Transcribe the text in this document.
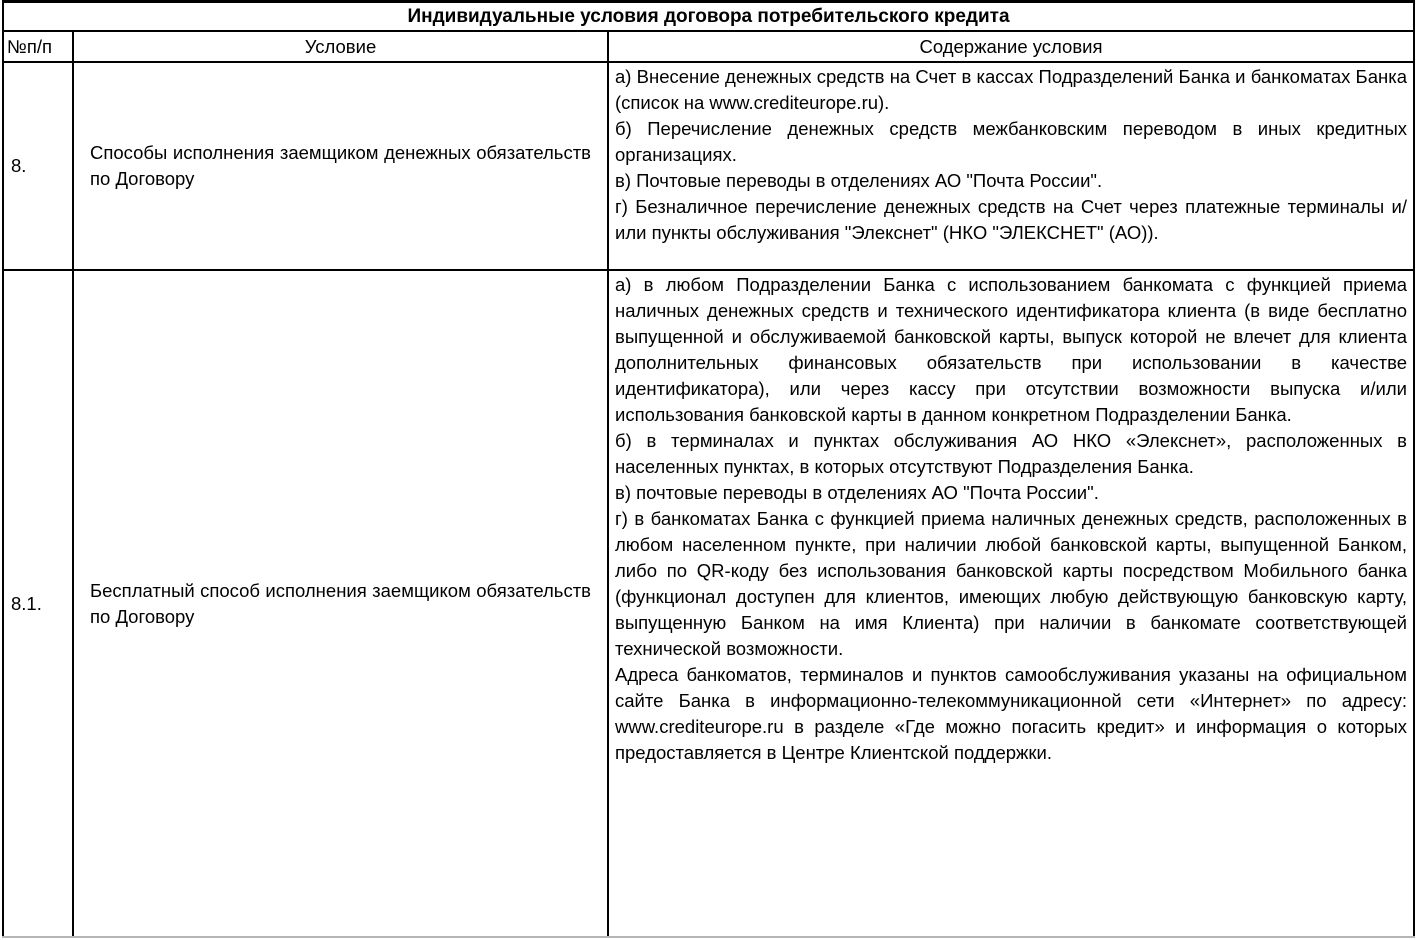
Индивидуальные условия договора потребительского кредита		
№п/п	Условие	Содержание условия
8.	Способы исполнения заемщиком денежных обязательств по Договору	а) Внесение денежных средств на Счет в кассах Подразделений Банка и банкоматах Банка (список на www.crediteurope.ru).

б) Перечисление денежных средств межбанковским переводом в иных кредитных организациях.

в) Почтовые переводы в отделениях АО "Почта России".

г) Безналичное перечисление денежных средств на Счет через платежные терминалы и/или пункты обслуживания "Элекснет" (НКО "ЭЛЕКСНЕТ" (АО)).

8.1.	Бесплатный способ исполнения заемщиком обязательств по Договору	а) в любом Подразделении Банка с использованием банкомата с функцией приема наличных денежных средств и технического идентификатора клиента (в виде бесплатно выпущенной и обслуживаемой банковской карты, выпуск которой не влечет для клиента дополнительных финансовых обязательств при использовании в качестве идентификатора), или через кассу при отсутствии возможности выпуска и/или использования банковской карты в данном конкретном Подразделении Банка.

б) в терминалах и пунктах обслуживания АО НКО «Элекснет», расположенных в населенных пунктах, в которых отсутствуют Подразделения Банка.

в) почтовые переводы в отделениях АО "Почта России".

г) в банкоматах Банка с функцией приема наличных денежных средств, расположенных в любом населенном пункте, при наличии любой банковской карты, выпущенной Банком, либо по QR-коду без использования банковской карты посредством Мобильного банка (функционал доступен для клиентов, имеющих любую действующую банковскую карту, выпущенную Банком на имя Клиента) при наличии в банкомате соответствующей технической возможности.

Адреса банкоматов, терминалов и пунктов самообслуживания указаны на официальном сайте Банка в информационно-телекоммуникационной сети «Интернет» по адресу: www.crediteurope.ru в разделе «Где можно погасить кредит» и информация о которых предоставляется в Центре Клиентской поддержки.
